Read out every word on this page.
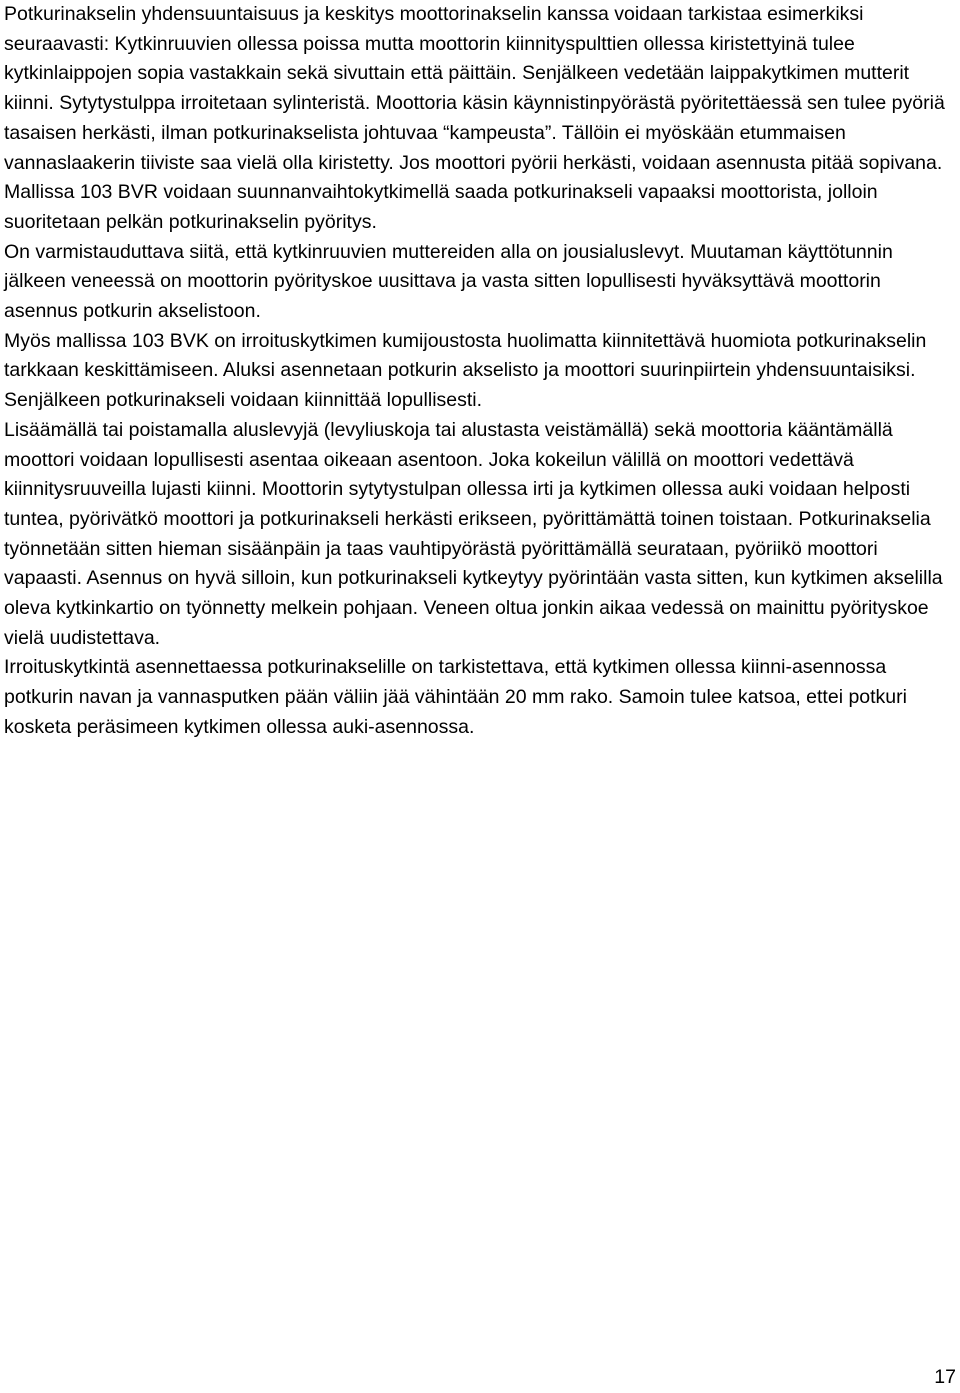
Potkurinakselin yhdensuuntaisuus ja keskitys moottorinakselin kanssa voidaan tarkistaa esimerkiksi seuraavasti: Kytkinruuvien ollessa poissa mutta moottorin kiinnityspulttien ollessa kiristettyinä tulee kytkinlaippojen sopia vastakkain sekä sivuttain että päittäin. Senjälkeen vedetään laippakytkimen mutterit kiinni. Sytytystulppa irroitetaan sylinteristä. Moottoria käsin käynnistinpyörästä pyöritettäessä sen tulee pyöriä tasaisen herkästi, ilman potkurinakselista johtuvaa “kampeusta”. Tällöin ei myöskään etummaisen vannaslaakerin tiiviste saa vielä olla kiristetty. Jos moottori pyörii herkästi, voidaan asennusta pitää sopivana.

Mallissa 103 BVR voidaan suunnanvaihtokytkimellä saada potkurinakseli vapaaksi moottorista, jolloin suoritetaan pelkän potkurinakselin pyöritys.

On varmistauduttava siitä, että kytkinruuvien muttereiden alla on jousialuslevyt. Muutaman käyttötunnin jälkeen veneessä on moottorin pyörityskoe uusittava ja vasta sitten lopullisesti hyväksyttävä moottorin asennus potkurin akselistoon.

Myös mallissa 103 BVK on irroituskytkimen kumijoustosta huolimatta kiinnitettävä huomiota potkurinakselin tarkkaan keskittämiseen. Aluksi asennetaan potkurin akselisto ja moottori suurinpiirtein yhdensuuntaisiksi. Senjälkeen potkurinakseli voidaan kiinnittää lopullisesti.

Lisäämällä tai poistamalla aluslevyjä (levyliuskoja tai alustasta veistämällä) sekä moottoria kääntämällä moottori voidaan lopullisesti asentaa oikeaan asentoon. Joka kokeilun välillä on moottori vedettävä kiinnitysruuveilla lujasti kiinni. Moottorin sytytystulpan ollessa irti ja kytkimen ollessa auki voidaan helposti tuntea, pyörivätkö moottori ja potkurinakseli herkästi erikseen, pyörittämättä toinen toistaan. Potkurinakselia työnnetään sitten hieman sisäänpäin ja taas vauhtipyörästä pyörittämällä seurataan, pyöriikö moottori vapaasti. Asennus on hyvä silloin, kun potkurinakseli kytkeytyy pyörintään vasta sitten, kun kytkimen akselilla oleva kytkinkartio on työnnetty melkein pohjaan. Veneen oltua jonkin aikaa vedessä on mainittu pyörityskoe vielä uudistettava.

Irroituskytkintä asennettaessa potkurinakselille on tarkistettava, että kytkimen ollessa kiinni-asennossa potkurin navan ja vannasputken pään väliin jää vähintään 20 mm rako. Samoin tulee katsoa, ettei potkuri kosketa peräsimeen kytkimen ollessa auki-asennossa.

17
